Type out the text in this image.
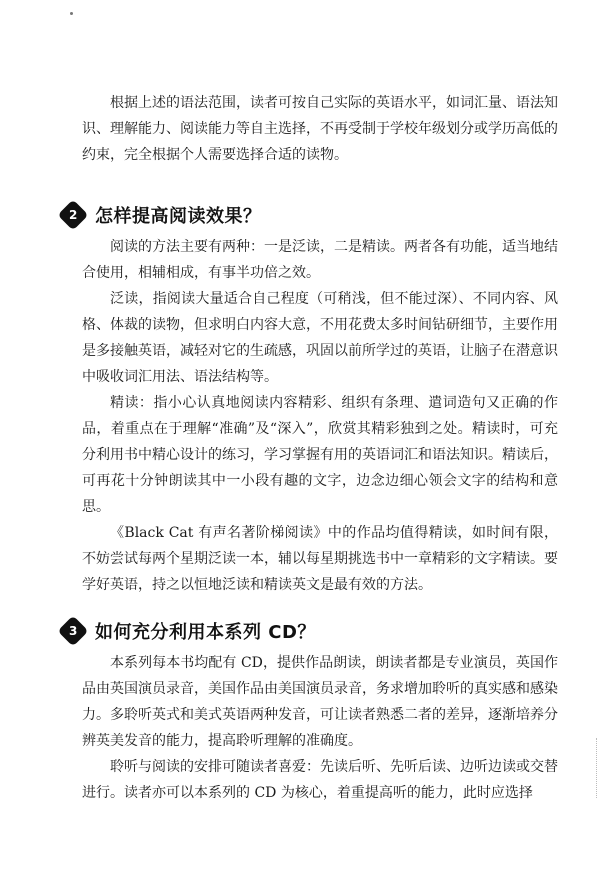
根据上述的语法范围，读者可按自己实际的英语水平，如词汇量、语法知识、理解能力、阅读能力等自主选择，不再受制于学校年级划分或学历高低的约束，完全根据个人需要选择合适的读物。

2 怎样提高阅读效果？

阅读的方法主要有两种：一是泛读，二是精读。两者各有功能，适当地结合使用，相辅相成，有事半功倍之效。

泛读，指阅读大量适合自己程度（可稍浅，但不能过深）、不同内容、风格、体裁的读物，但求明白内容大意，不用花费太多时间钻研细节，主要作用是多接触英语，减轻对它的生疏感，巩固以前所学过的英语，让脑子在潜意识中吸收词汇用法、语法结构等。

精读：指小心认真地阅读内容精彩、组织有条理、遣词造句又正确的作品，着重点在于理解“准确”及“深入”，欣赏其精彩独到之处。精读时，可充分利用书中精心设计的练习，学习掌握有用的英语词汇和语法知识。精读后，可再花十分钟朗读其中一小段有趣的文字，边念边细心领会文字的结构和意思。

《Black Cat 有声名著阶梯阅读》中的作品均值得精读，如时间有限，不妨尝试每两个星期泛读一本，辅以每星期挑选书中一章精彩的文字精读。要学好英语，持之以恒地泛读和精读英文是最有效的方法。

3 如何充分利用本系列 CD？

本系列每本书均配有 CD，提供作品朗读，朗读者都是专业演员，英国作品由英国演员录音，美国作品由美国演员录音，务求增加聆听的真实感和感染力。多聆听英式和美式英语两种发音，可让读者熟悉二者的差异，逐渐培养分辨英美发音的能力，提高聆听理解的准确度。

聆听与阅读的安排可随读者喜爱：先读后听、先听后读、边听边读或交替进行。读者亦可以本系列的 CD 为核心，着重提高听的能力，此时应选择
